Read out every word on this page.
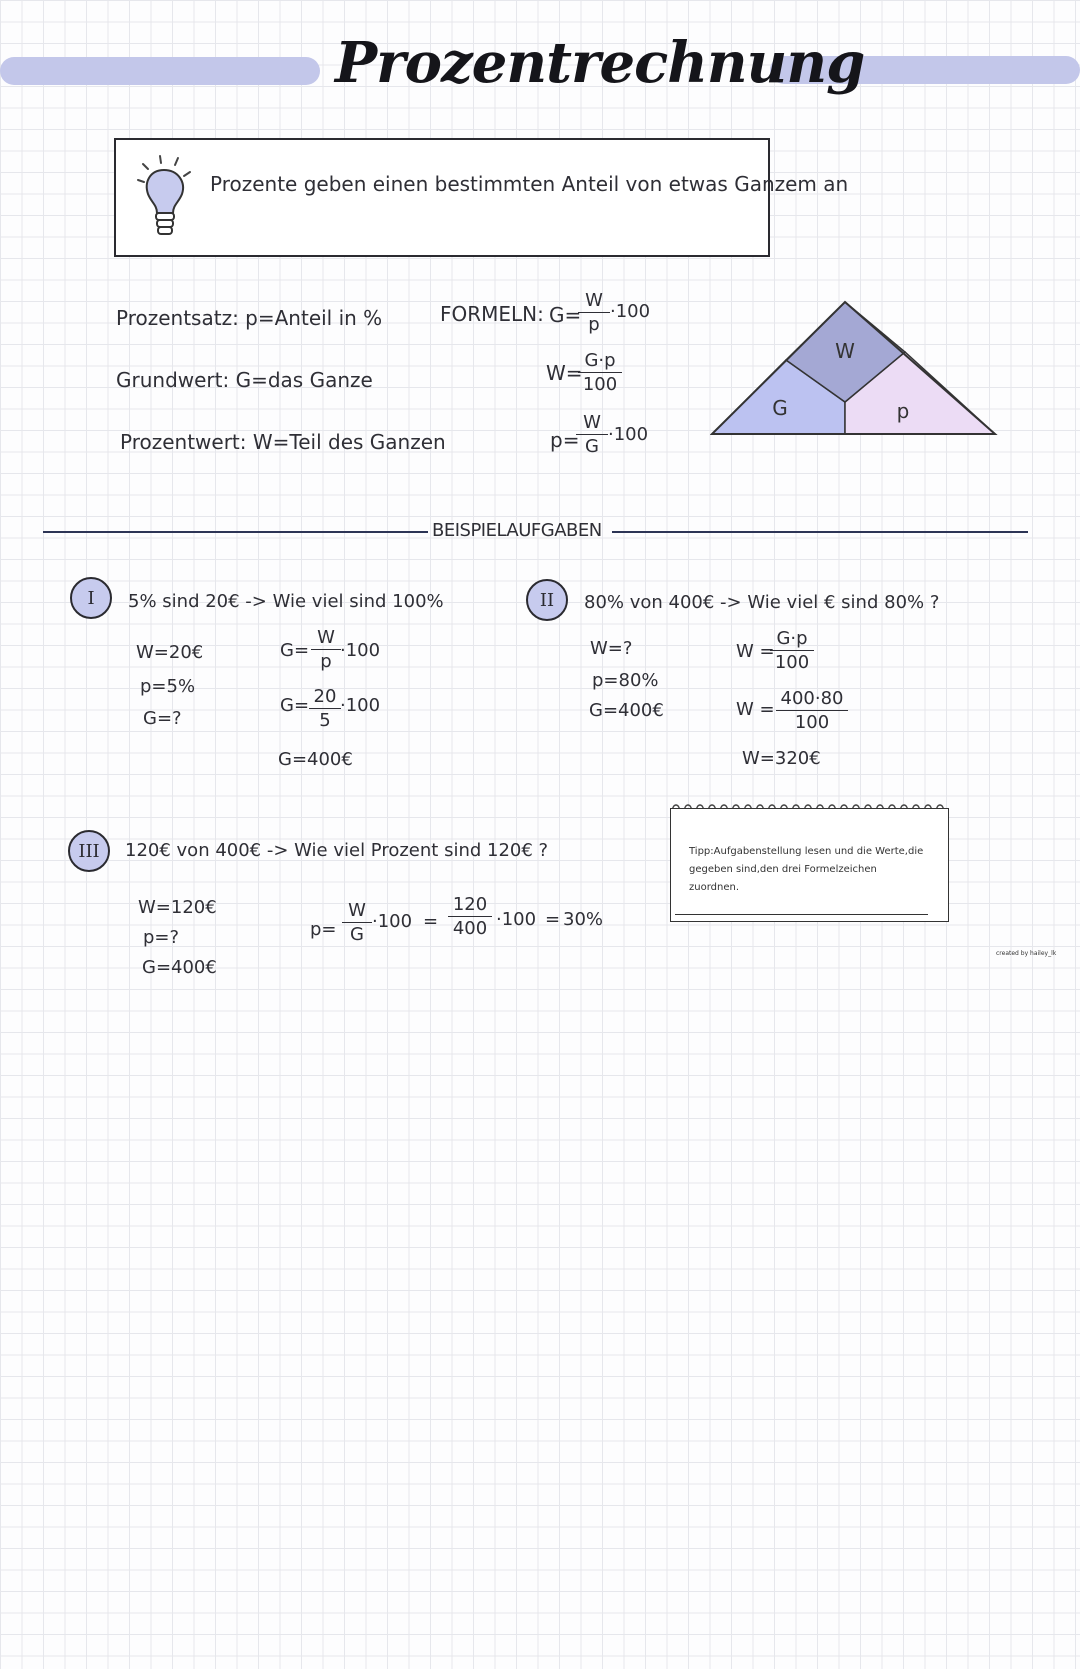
Prozentrechnung
Prozente geben einen bestimmten Anteil von etwas Ganzem an
Prozentsatz: p=Anteil in %
Grundwert: G=das Ganze
Prozentwert: W=Teil des Ganzen
FORMELN: G=
$\frac{W}{p} \cdot 100$
W=
$\frac{G\cdot p}{100}$
p=
$\frac{W}{G} \cdot 100$
W
G	p
BEISPIELAUFGABEN
I	5% sind 20€ -> Wie viel sind 100%
W=20€
p=5%
G=?
$G= \frac{W}{p} \cdot 100$
$G= \frac{20}{5} \cdot 100$
G=400€
II	80% von 400€ -> Wie viel € sind 80% ?
W=?
p=80%
G=400€
W =
$\frac{G\cdot p}{100}$
$W = \frac{400\cdot 80}{100}$
W=320€
III	120€ von 400€ -> Wie viel Prozent sind 120€ ?
W=120€
p=?
G=400€
$p= \frac{W}{G} \cdot 100 = \frac{120}{400} \cdot 100 = 30\%$
Tipp:Aufgabenstellung lesen und die Werte,die gegeben sind,den drei Formelzeichen zuordnen.
created by hailey_lk
